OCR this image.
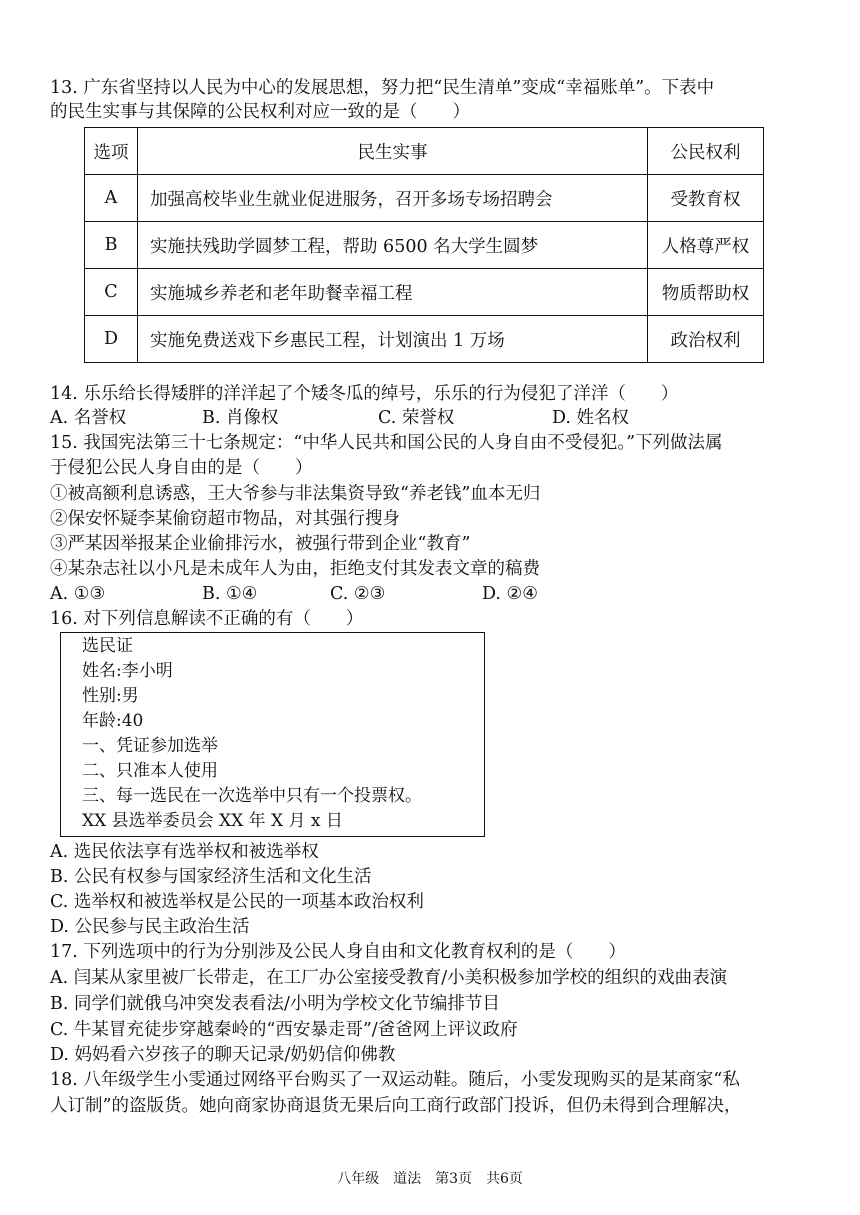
13. 广东省坚持以人民为中心的发展思想，努力把“民生清单”变成“幸福账单”。下表中
的民生实事与其保障的公民权利对应一致的是（　　）
选项	民生实事	公民权利
A	加强高校毕业生就业促进服务，召开多场专场招聘会	受教育权
B	实施扶残助学圆梦工程，帮助 6500 名大学生圆梦	人格尊严权
C	实施城乡养老和老年助餐幸福工程	物质帮助权
D	实施免费送戏下乡惠民工程，计划演出 1 万场	政治权利
14. 乐乐给长得矮胖的洋洋起了个矮冬瓜的绰号，乐乐的行为侵犯了洋洋（　　）
A. 名誉权	B. 肖像权	C. 荣誉权	D. 姓名权
15. 我国宪法第三十七条规定：“中华人民共和国公民的人身自由不受侵犯。”下列做法属
于侵犯公民人身自由的是（　　）
①被高额利息诱惑，王大爷参与非法集资导致“养老钱”血本无归
②保安怀疑李某偷窃超市物品，对其强行搜身
③严某因举报某企业偷排污水，被强行带到企业“教育”
④某杂志社以小凡是未成年人为由，拒绝支付其发表文章的稿费
A. ①③	B. ①④	C. ②③	D. ②④
16. 对下列信息解读不正确的有（　　）
选民证
姓名:李小明
性别:男
年龄:40
一、凭证参加选举
二、只准本人使用
三、每一选民在一次选举中只有一个投票权。
XX 县选举委员会 XX 年 X 月 x 日
A. 选民依法享有选举权和被选举权
B. 公民有权参与国家经济生活和文化生活
C. 选举权和被选举权是公民的一项基本政治权利
D. 公民参与民主政治生活
17. 下列选项中的行为分别涉及公民人身自由和文化教育权利的是（　　）
A. 闫某从家里被厂长带走，在工厂办公室接受教育/小美积极参加学校的组织的戏曲表演
B. 同学们就俄乌冲突发表看法/小明为学校文化节编排节目
C. 牛某冒充徒步穿越秦岭的“西安暴走哥”/爸爸网上评议政府
D. 妈妈看六岁孩子的聊天记录/奶奶信仰佛教
18. 八年级学生小雯通过网络平台购买了一双运动鞋。随后，小雯发现购买的是某商家“私
人订制”的盗版货。她向商家协商退货无果后向工商行政部门投诉，但仍未得到合理解决，
八年级　道法　第3页　共6页
